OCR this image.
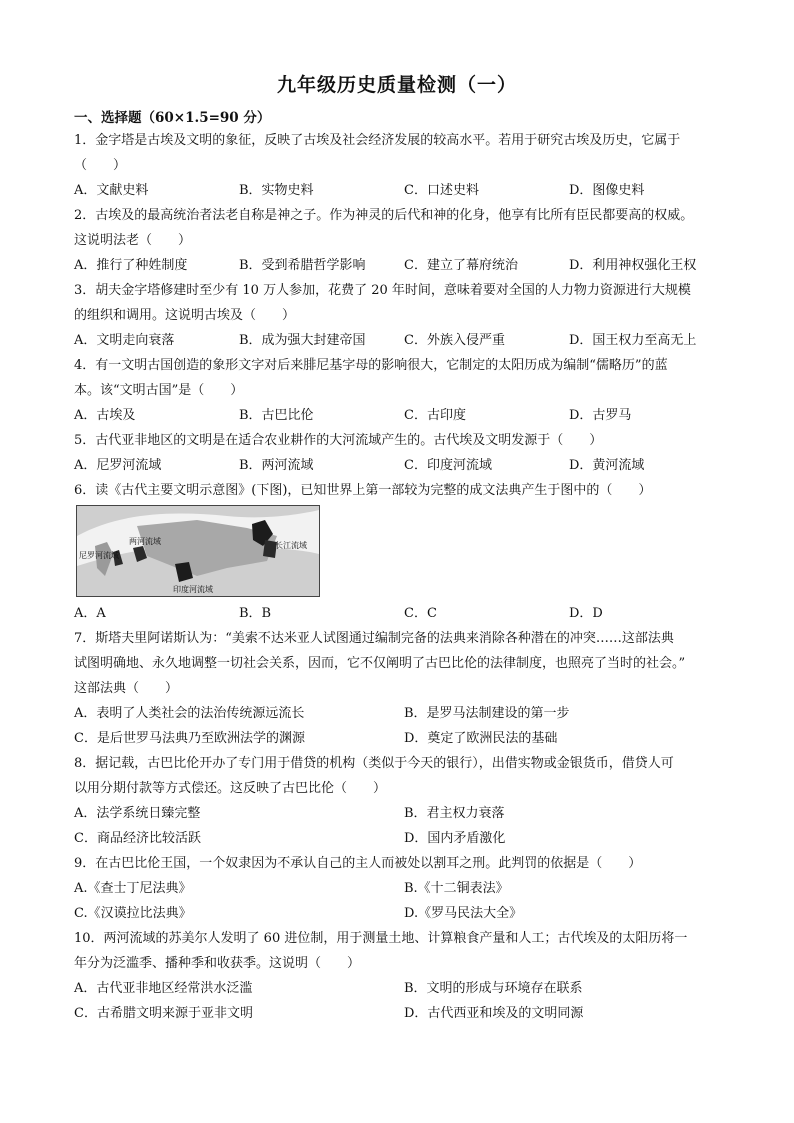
九年级历史质量检测（一）
一、选择题（60×1.5=90 分）
1．金字塔是古埃及文明的象征，反映了古埃及社会经济发展的较高水平。若用于研究古埃及历史，它属于
（　　）
A．文献史料	B．实物史料	C．口述史料	D．图像史料
2．古埃及的最高统治者法老自称是神之子。作为神灵的后代和神的化身，他享有比所有臣民都要高的权威。
这说明法老（　　）
A．推行了种姓制度	B．受到希腊哲学影响	C．建立了幕府统治	D．利用神权强化王权
3．胡夫金字塔修建时至少有 10 万人参加，花费了 20 年时间，意味着要对全国的人力物力资源进行大规模
的组织和调用。这说明古埃及（　　）
A．文明走向衰落	B．成为强大封建帝国	C．外族入侵严重	D．国王权力至高无上
4．有一文明古国创造的象形文字对后来腓尼基字母的影响很大，它制定的太阳历成为编制“儒略历”的蓝
本。该“文明古国”是（　　）
A．古埃及	B．古巴比伦	C．古印度	D．古罗马
5．古代亚非地区的文明是在适合农业耕作的大河流域产生的。古代埃及文明发源于（　　）
A．尼罗河流域	B．两河流域	C．印度河流域	D．黄河流域
6．读《古代主要文明示意图》(下图)，已知世界上第一部较为完整的成文法典产生于图中的（　　）
尼罗河流域
两河流域
印度河流域
长江流域
A．A	B．B	C．C	D．D
7．斯塔夫里阿诺斯认为：“美索不达米亚人试图通过编制完备的法典来消除各种潜在的冲突……这部法典
试图明确地、永久地调整一切社会关系，因而，它不仅阐明了古巴比伦的法律制度，也照亮了当时的社会。”
这部法典（　　）
A．表明了人类社会的法治传统源远流长	B．是罗马法制建设的第一步
C．是后世罗马法典乃至欧洲法学的渊源	D．奠定了欧洲民法的基础
8．据记载，古巴比伦开办了专门用于借贷的机构（类似于今天的银行），出借实物或金银货币，借贷人可
以用分期付款等方式偿还。这反映了古巴比伦（　　）
A．法学系统日臻完整	B．君主权力衰落
C．商品经济比较活跃	D．国内矛盾激化
9．在古巴比伦王国，一个奴隶因为不承认自己的主人而被处以割耳之刑。此判罚的依据是（　　）
A.《查士丁尼法典》	B.《十二铜表法》
C.《汉谟拉比法典》	D.《罗马民法大全》
10．两河流域的苏美尔人发明了 60 进位制，用于测量土地、计算粮食产量和人工；古代埃及的太阳历将一
年分为泛滥季、播种季和收获季。这说明（　　）
A．古代亚非地区经常洪水泛滥	B．文明的形成与环境存在联系
C．古希腊文明来源于亚非文明	D．古代西亚和埃及的文明同源
